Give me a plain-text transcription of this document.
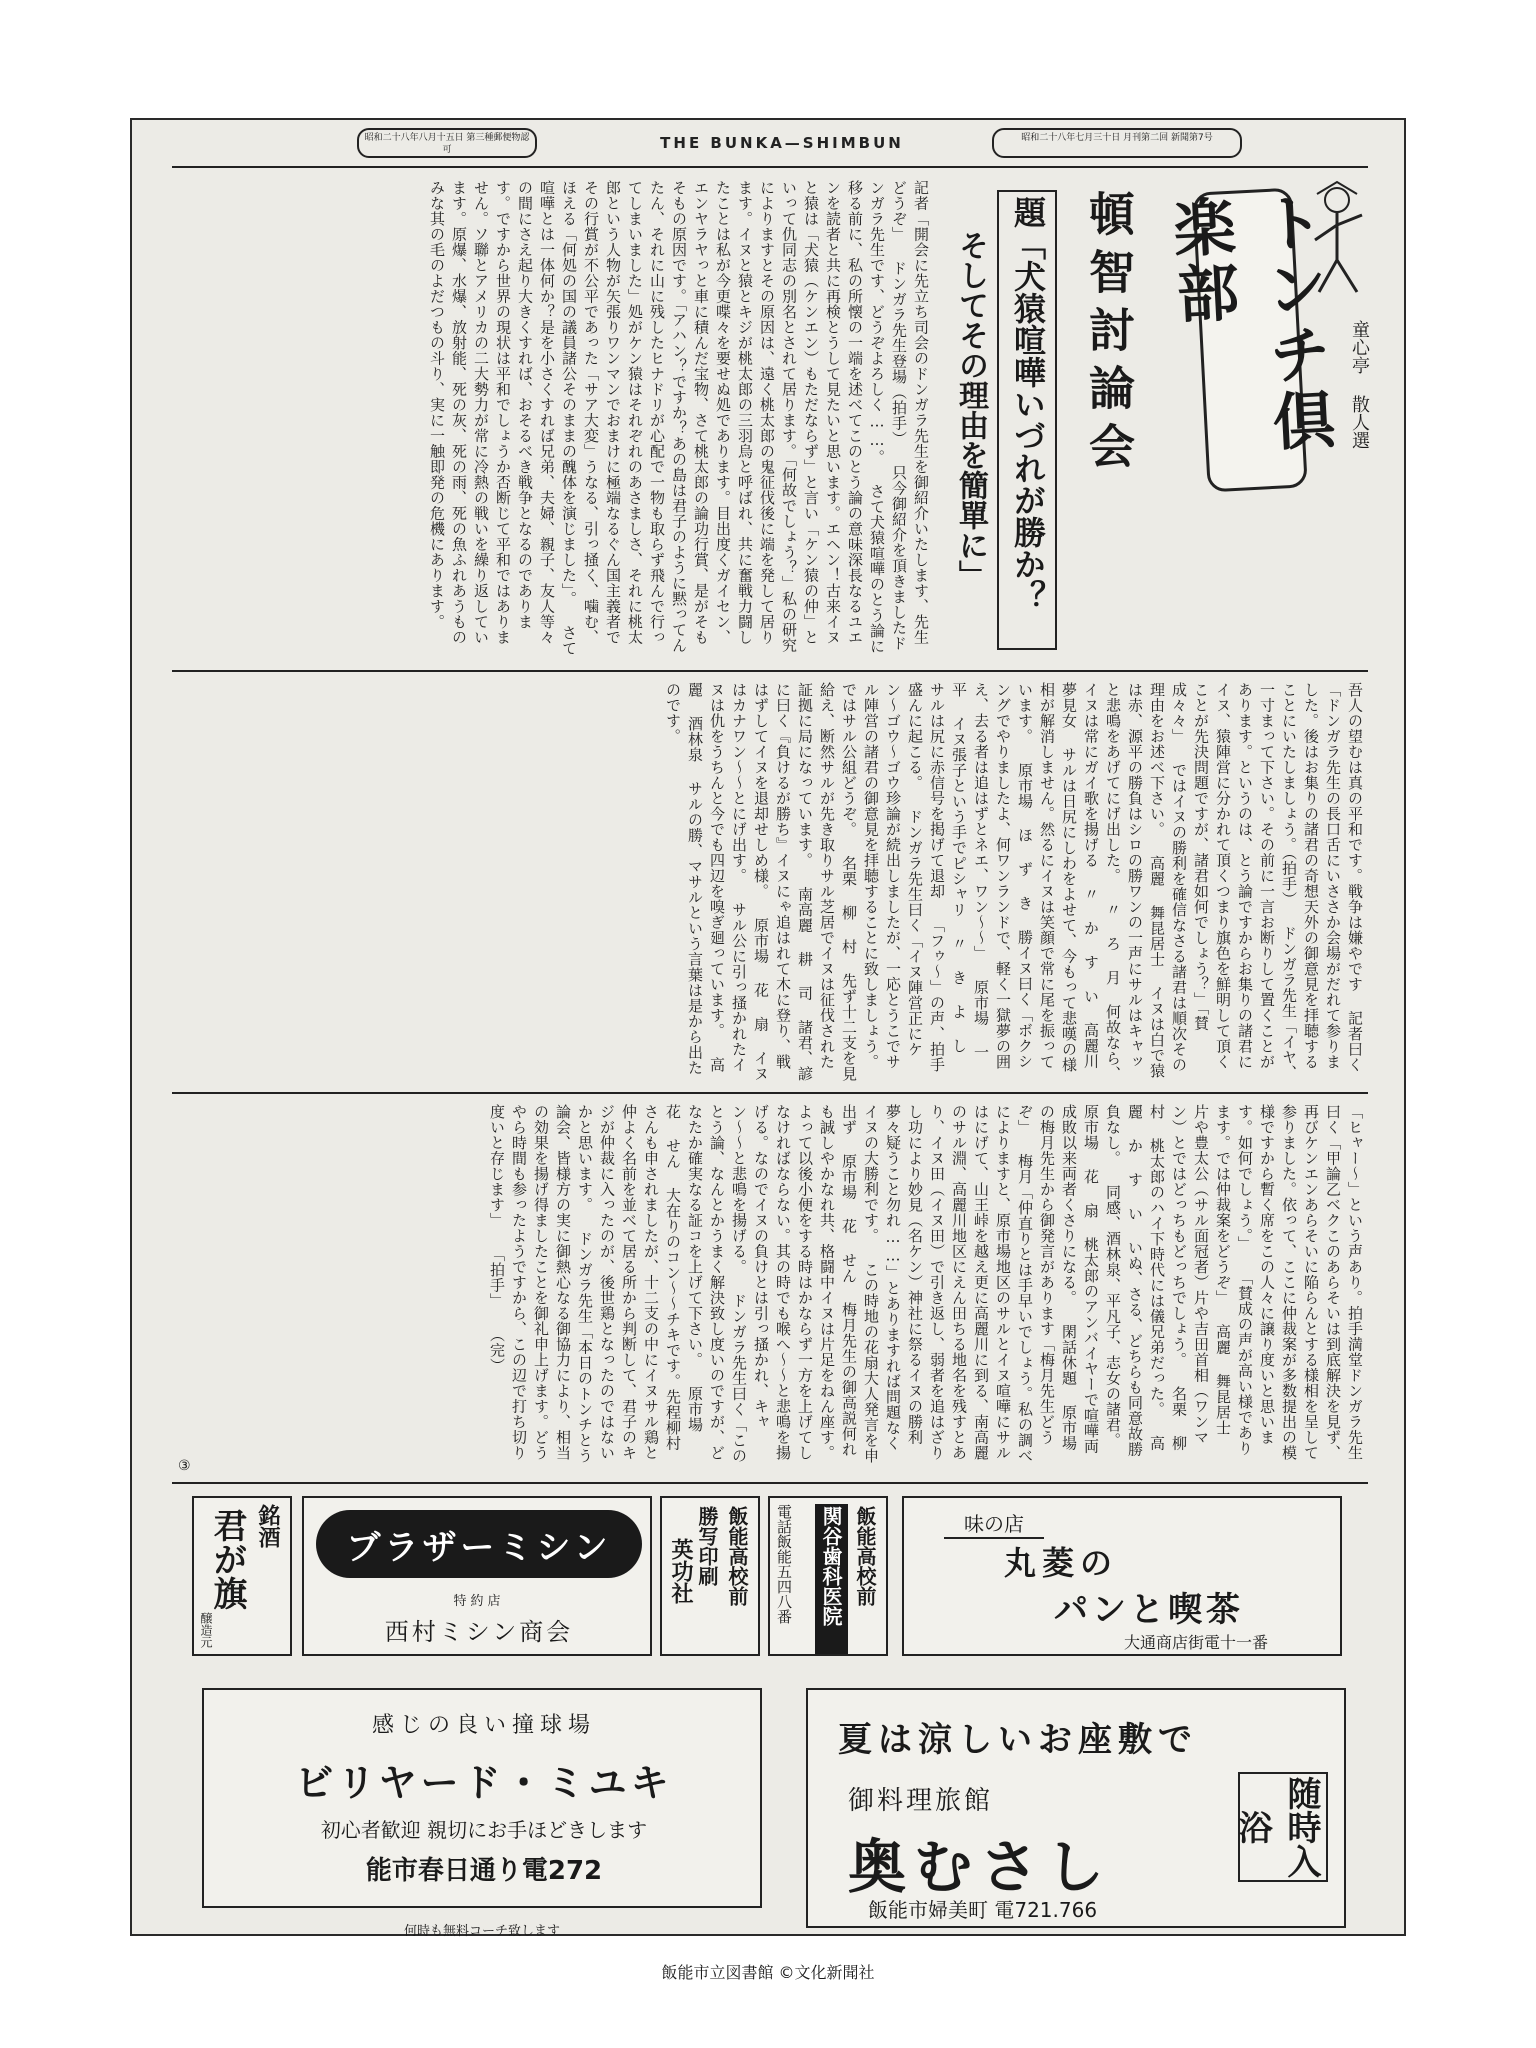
昭和二十八年八月十五日 第三種郵便物認可	THE BUNKA—SHIMBUN	昭和二十八年七月三十日 月刊第二回 新聞第7号
トンチ倶楽部
童心亭 散人選
頓智討論会
題「犬猿喧嘩いづれが勝か？
そしてその理由を簡單に」
記者「開会に先立ち司会のドンガラ先生を御紹介いたします、先生どうぞ」 ドンガラ先生登場（拍手） 只今御紹介を頂きましたドンガラ先生です、どうぞよろしく……。 さて犬猿喧嘩のとう論に移る前に、私の所懐の一端を述べてこのとう論の意味深長なるユエンを読者と共に再検とうして見たいと思います。エヘン！古来イヌと猿は「犬猿（ケンエン）もただならず」と言い「ケン猿の仲」といって仇同志の別名とされて居ります。「何故でしょう？」私の研究によりますとその原因は、遠く桃太郎の鬼征伐後に端を発して居ります。イヌと猿とキジが桃太郎の三羽烏と呼ばれ、共に奮戦力闘したことは私が今更喋々を要せぬ処であります。目出度くガイセン、エンヤラヤっと車に積んだ宝物、さて桃太郎の論功行賞、是がそもそもの原因です。「アハン？ですか？あの島は君子のように黙ってんたん、それに山に残したヒナドリが心配で一物も取らず飛んで行ってしまいました」処がケン猿はそれぞれのあさましさ、それに桃太郎という人物が矢張りワンマンでおまけに極端なるぐん国主義者でその行賞が不公平であった「サア大変」うなる、引っ掻く、噛む、ほえる「何処の国の議員諸公そのままの醜体を演じました」。 さて喧嘩とは一体何か？是を小さくすれば兄弟、夫婦、親子、友人等々の間にさえ起り大きくすれば、おそるべき戦争となるのであります。ですから世界の現状は平和でしょうか否断じて平和ではありません。ソ聯とアメリカの二大勢力が常に冷熱の戦いを繰り返しています。原爆、水爆、放射能、死の灰、死の雨、死の魚ふれあうものみな其の毛のよだつもの斗り、実に一触即発の危機にあります。
吾人の望むは真の平和です。戦争は嫌やです 記者曰く「ドンガラ先生の長口舌にいささか会場がだれて参りました。後はお集りの諸君の奇想天外の御意見を拝聴することにいたしましょう。（拍手） ドンガラ先生「イヤ、一寸まって下さい。その前に一言お断りして置くことがあります。というのは、とう論ですからお集りの諸君にイヌ、猿陣営に分かれて頂くつまり旗色を鮮明して頂くことが先決問題ですが、諸君如何でしょう？」「賛成々々」 ではイヌの勝利を確信なさる諸君は順次その理由をお述べ下さい。 高麗 舞昆居士 イヌは白で猿は赤、源平の勝負はシロの勝ワンの一声にサルはキャッと悲鳴をあげてにげ出した。 〃 ろ 月 何故なら、イヌは常にガイ歌を揚げる 〃 か す い 高麗川 夢見女 サルは日尻にしわをよせて、今もって悲嘆の様相が解消しません。然るにイヌは笑顔で常に尾を振っています。 原市場 ほ ず き 勝イヌ曰く「ボクシングでやりましたよ、何ワンランドで、軽く一獄夢の囲え、去る者は追はずとネエ、ワン〜〜」 原市場 一 平 イヌ張子という手でピシャリ 〃 き よ し サルは尻に赤信号を掲げて退却 「フゥ〜」の声、拍手盛んに起こる。 ドンガラ先生曰く「イヌ陣営正にケン〜ゴウ〜ゴウ珍論が続出しましたが、一応とうこでサル陣営の諸君の御意見を拝聴することに致しましょう。ではサル公組どうぞ。 名栗 柳 村 先ず十二支を見給え、断然サルが先き取りサル芝居でイヌは征伐された証拠に局になっています。 南高麗 耕 司 諸君、諺に曰く『負けるが勝ち』イヌにゃ追はれて木に登り、戦はずしてイヌを退却せしめ様。 原市場 花 扇 イヌはカナワン〜〜とにげ出す。 サル公に引っ搔かれたイヌは仇をうちんと今でも四辺を嗅ぎ廻っています。 高麗 酒林泉 サルの勝、マサルという言葉は是から出たのです。
「ヒャー〜」という声あり。拍手満堂ドンガラ先生曰く「甲論乙ベクこのあらそいは到底解決を見ず、再びケンエンあらそいに陥らんとする様相を呈して参りました。依って、ここに仲裁案が多数提出の模様ですから暫く席をこの人々に譲り度いと思います。如何でしょう。」 「賛成の声が高い様であります。では仲裁案をどうぞ」 高麗 舞昆居士 片や豊太公（サル面冠者）片や吉田首相（ワンマン）とではどっちもどっちでしょう。 名栗 柳 村 桃太郎のハイ下時代には儀兄弟だった。 高麗 か す い いぬ、さる、どちらも同意故勝負なし。 同感、酒林泉、平凡子、志女の諸君。 原市場 花 扇 桃太郎のアンバイヤーで喧嘩両成敗以来両者くさりになる。 閑話休題 原市場の梅月先生から御発言があります「梅月先生どうぞ」 梅月「仲直りとは手早いでしょう。私の調べによりますと、原市場地区のサルとイヌ喧嘩にサルはにげて、山王峠を越え更に高麗川に到る、南高麗のサル淵、高麗川地区にえん田ちる地名を残すとあり、イヌ田（イヌ田）で引き返し、弱者を追はざりし功により妙見（名ケン）神社に祭るイヌの勝利夢々疑うこと勿れ……」とありますれば問題なくイヌの大勝利です。 この時地の花扇大人発言を申出ず 原市場 花 せん 梅月先生の御高説何れも誠しやかなれ共、格闘中イヌは片足をねん座す。よって以後小便をする時はかならず一方を上げてしなければならない。其の時でも喉へ〜〜と悲鳴を揚げる。なのでイヌの負けとは引っ搔かれ、キャン〜〜と悲鳴を揚げる。 ドンガラ先生曰く「このとう論、なんとかうまく解決致し度いのですが、どなたか確実なる証コを上げて下さい。 原市場 花 せん 大在りのコン〜〜チキです。先程柳村さんも申されましたが、十二支の中にイヌサル鶏と仲よく名前を並べて居る所から判断して、君子のキジが仲裁に入ったのが、後世鶏となったのではないかと思います。 ドンガラ先生「本日のトンチとう論会、皆様方の実に御熱心なる御協力により、相当の効果を揚げ得ましたことを御礼申上げます。どうやら時間も参ったようですから、この辺で打ち切り度いと存じます」 「拍手」 （完）
③
銘酒
君が旗
醸造元
ブラザーミシン
特約店
西村ミシン商会
飯能高校前
勝写印刷
英功社	飯能高校前
関谷歯科医院
電話飯能五四八番	味の店
丸菱の
パンと喫茶
大通商店街電十一番
感じの良い撞球場
ビリヤード・ミユキ
初心者歓迎 親切にお手ほどきします
能市春日通り電272
何時も無料コーチ致します
夏は涼しいお座敷で
御料理旅館
奥むさし	随時入浴
飯能市婦美町 電721.766
飯能市立図書館 ©文化新聞社
